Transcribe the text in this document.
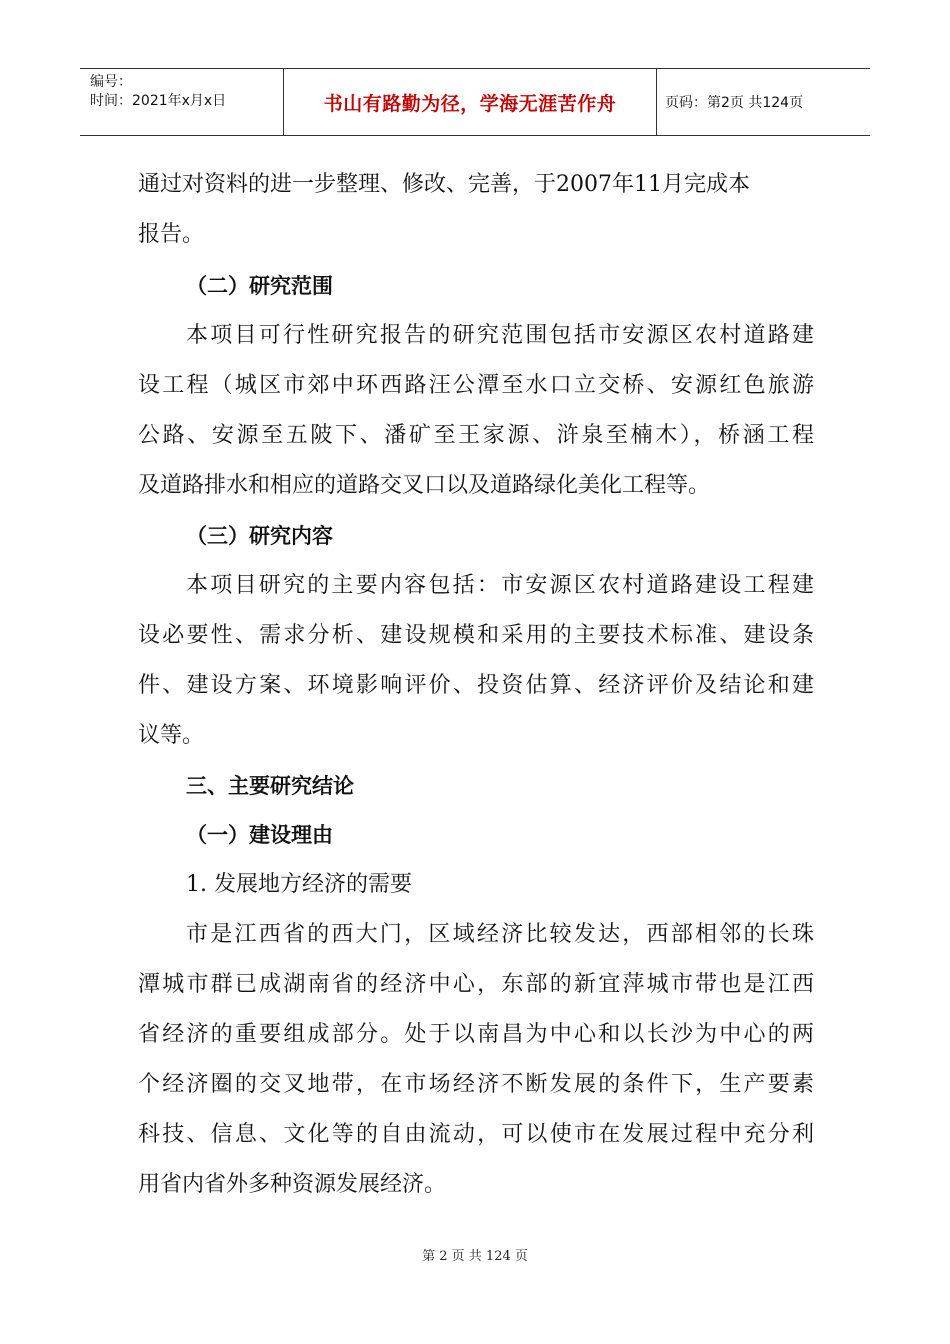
编号：
时间：2021年x月x日	书山有路勤为径，学海无涯苦作舟	页码：第2页 共124页
通过对资料的进一步整理、修改、完善，于2007年11月完成本
报告。
（二）研究范围
本项目可行性研究报告的研究范围包括市安源区农村道路建
设工程（城区市郊中环西路汪公潭至水口立交桥、安源红色旅游
公路、安源至五陂下、潘矿至王家源、浒泉至楠木），桥涵工程
及道路排水和相应的道路交叉口以及道路绿化美化工程等。
（三）研究内容
本项目研究的主要内容包括：市安源区农村道路建设工程建
设必要性、需求分析、建设规模和采用的主要技术标准、建设条
件、建设方案、环境影响评价、投资估算、经济评价及结论和建
议等。
三、主要研究结论
（一）建设理由
1. 发展地方经济的需要
市是江西省的西大门，区域经济比较发达，西部相邻的长珠
潭城市群已成湖南省的经济中心，东部的新宜萍城市带也是江西
省经济的重要组成部分。处于以南昌为中心和以长沙为中心的两
个经济圈的交叉地带，在市场经济不断发展的条件下，生产要素
科技、信息、文化等的自由流动，可以使市在发展过程中充分利
用省内省外多种资源发展经济。
第 2 页 共 124 页
